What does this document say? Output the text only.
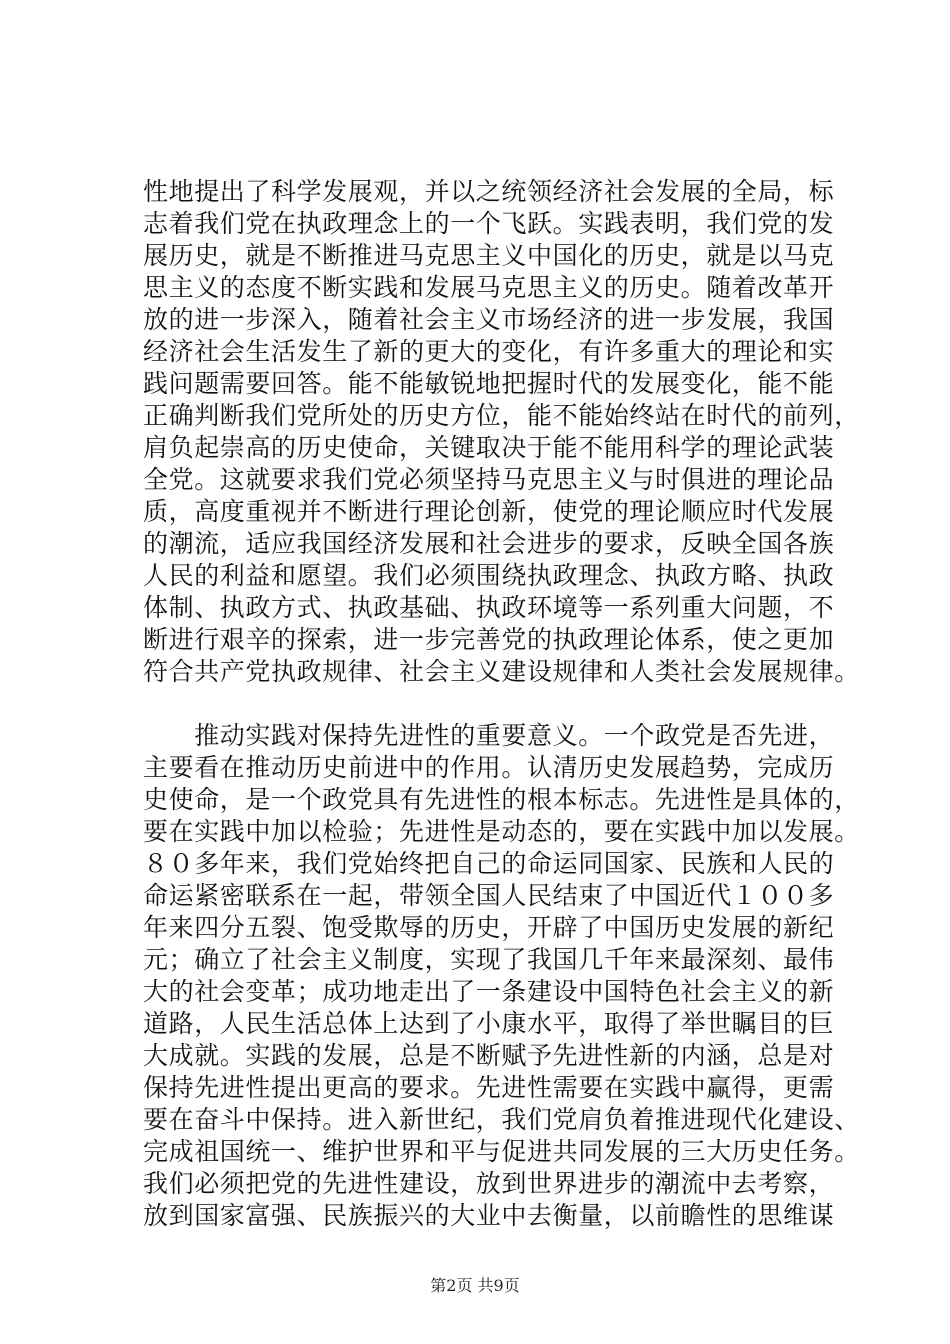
性地提出了科学发展观，并以之统领经济社会发展的全局，标
志着我们党在执政理念上的一个飞跃。实践表明，我们党的发
展历史，就是不断推进马克思主义中国化的历史，就是以马克
思主义的态度不断实践和发展马克思主义的历史。随着改革开
放的进一步深入，随着社会主义市场经济的进一步发展，我国
经济社会生活发生了新的更大的变化，有许多重大的理论和实
践问题需要回答。能不能敏锐地把握时代的发展变化，能不能
正确判断我们党所处的历史方位，能不能始终站在时代的前列，
肩负起崇高的历史使命，关键取决于能不能用科学的理论武装
全党。这就要求我们党必须坚持马克思主义与时俱进的理论品
质，高度重视并不断进行理论创新，使党的理论顺应时代发展
的潮流，适应我国经济发展和社会进步的要求，反映全国各族
人民的利益和愿望。我们必须围绕执政理念、执政方略、执政
体制、执政方式、执政基础、执政环境等一系列重大问题，不
断进行艰辛的探索，进一步完善党的执政理论体系，使之更加
符合共产党执政规律、社会主义建设规律和人类社会发展规律。
　　推动实践对保持先进性的重要意义。一个政党是否先进，
主要看在推动历史前进中的作用。认清历史发展趋势，完成历
史使命，是一个政党具有先进性的根本标志。先进性是具体的，
要在实践中加以检验；先进性是动态的，要在实践中加以发展。
８０多年来，我们党始终把自己的命运同国家、民族和人民的
命运紧密联系在一起，带领全国人民结束了中国近代１００多
年来四分五裂、饱受欺辱的历史，开辟了中国历史发展的新纪
元；确立了社会主义制度，实现了我国几千年来最深刻、最伟
大的社会变革；成功地走出了一条建设中国特色社会主义的新
道路，人民生活总体上达到了小康水平，取得了举世瞩目的巨
大成就。实践的发展，总是不断赋予先进性新的内涵，总是对
保持先进性提出更高的要求。先进性需要在实践中赢得，更需
要在奋斗中保持。进入新世纪，我们党肩负着推进现代化建设、
完成祖国统一、维护世界和平与促进共同发展的三大历史任务。
我们必须把党的先进性建设，放到世界进步的潮流中去考察，
放到国家富强、民族振兴的大业中去衡量，以前瞻性的思维谋
第2页 共9页
